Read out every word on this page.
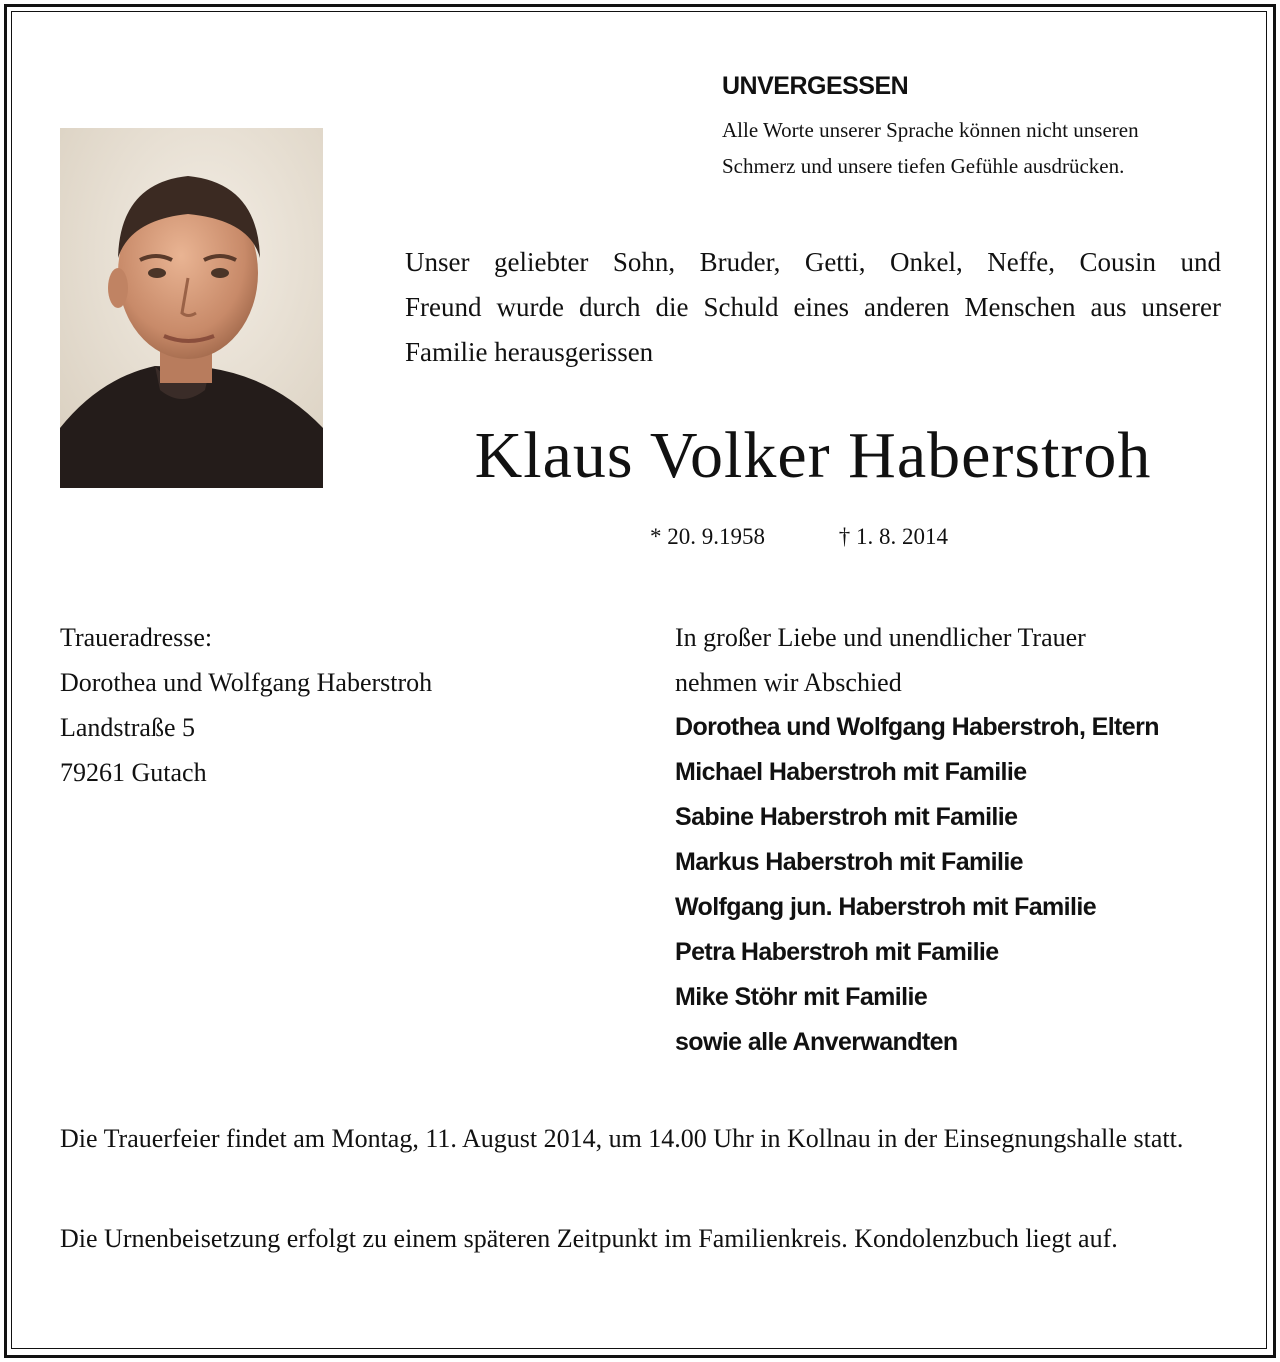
UNVERGESSEN
Alle Worte unserer Sprache können nicht unseren
Schmerz und unsere tiefen Gefühle ausdrücken.
Unser geliebter Sohn, Bruder, Getti, Onkel, Neffe, Cousin und
Freund wurde durch die Schuld eines anderen Menschen aus unserer
Familie herausgerissen
Klaus Volker Haberstroh
* 20. 9.1958	† 1. 8. 2014
Traueradresse:
Dorothea und Wolfgang Haberstroh
Landstraße 5
79261 Gutach
In großer Liebe und unendlicher Trauer
nehmen wir Abschied
Dorothea und Wolfgang Haberstroh, Eltern
Michael Haberstroh mit Familie
Sabine Haberstroh mit Familie
Markus Haberstroh mit Familie
Wolfgang jun. Haberstroh mit Familie
Petra Haberstroh mit Familie
Mike Stöhr mit Familie
sowie alle Anverwandten
Die Trauerfeier findet am Montag, 11. August 2014, um 14.00 Uhr in Kollnau in der Einsegnungshalle statt.
Die Urnenbeisetzung erfolgt zu einem späteren Zeitpunkt im Familienkreis. Kondolenzbuch liegt auf.
